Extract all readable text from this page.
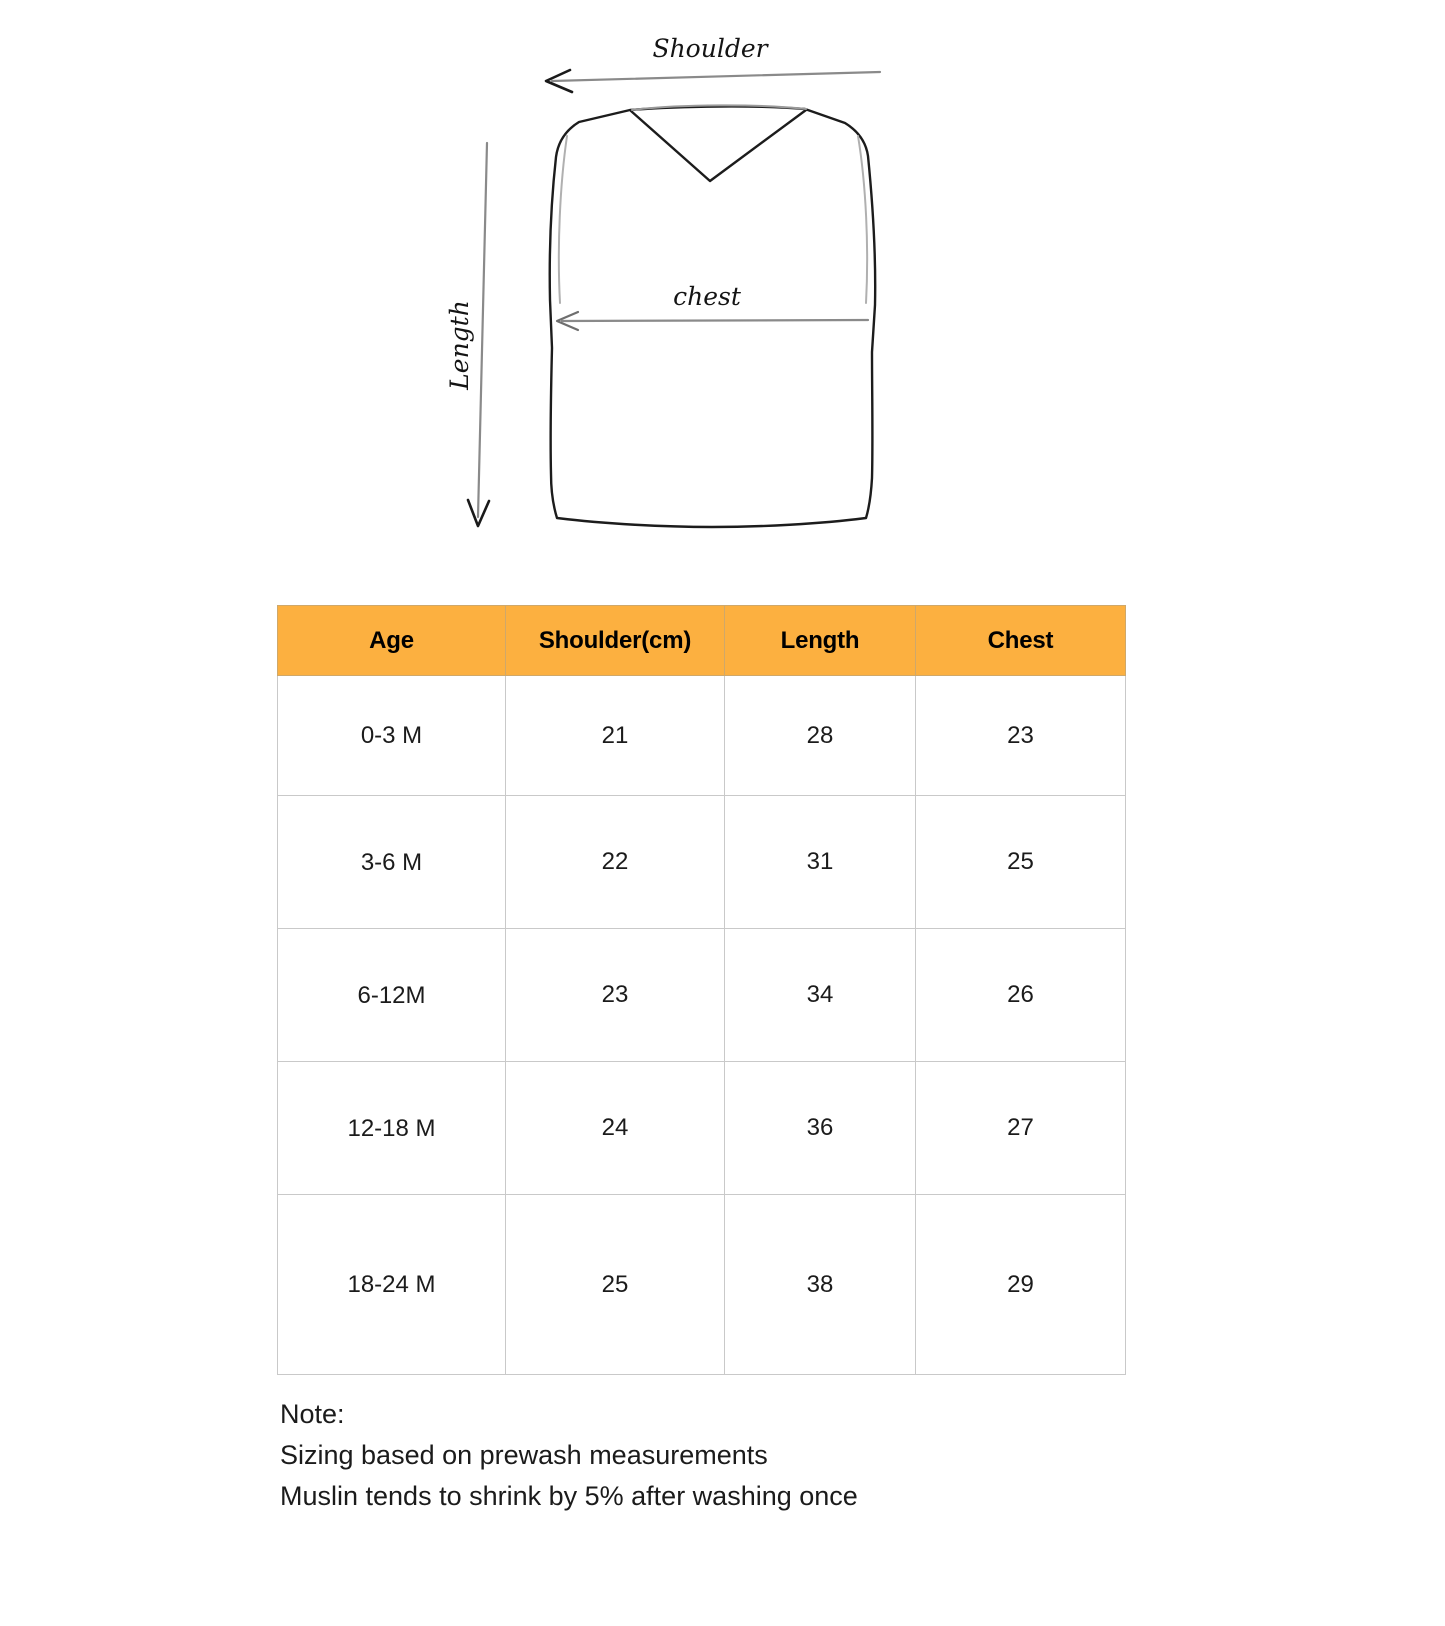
Shoulder
Length
chest
Age	Shoulder(cm)	Length	Chest
0-3 M	21	28	23
3-6 M	22	31	25
6-12M	23	34	26
12-18 M	24	36	27
18-24 M	25	38	29
Note:
Sizing based on prewash measurements
Muslin tends to shrink by 5% after washing once
